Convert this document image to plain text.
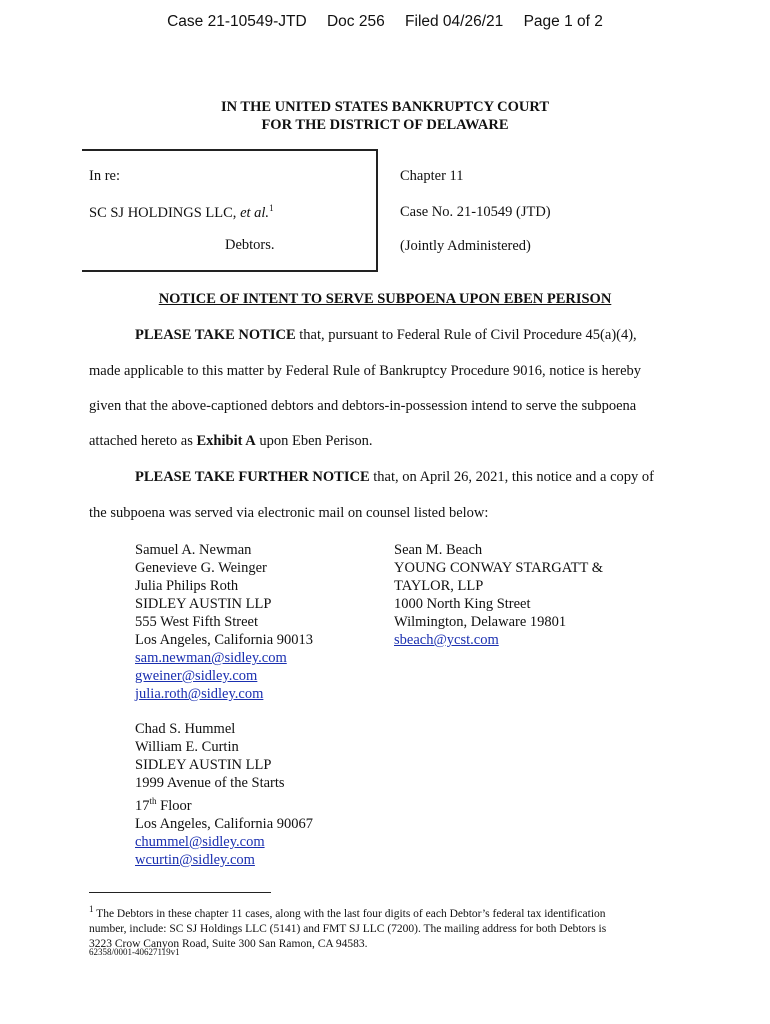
Case 21-10549-JTD Doc 256 Filed 04/26/21 Page 1 of 2
IN THE UNITED STATES BANKRUPTCY COURT
FOR THE DISTRICT OF DELAWARE
In re:
SC SJ HOLDINGS LLC, et al.$^1$
Debtors.
Chapter 11
Case No. 21-10549 (JTD)
(Jointly Administered)
NOTICE OF INTENT TO SERVE SUBPOENA UPON EBEN PERISON
PLEASE TAKE NOTICE that, pursuant to Federal Rule of Civil Procedure 45(a)(4),
made applicable to this matter by Federal Rule of Bankruptcy Procedure 9016, notice is hereby
given that the above-captioned debtors and debtors-in-possession intend to serve the subpoena
attached hereto as Exhibit A upon Eben Perison.
PLEASE TAKE FURTHER NOTICE that, on April 26, 2021, this notice and a copy of
the subpoena was served via electronic mail on counsel listed below:
Samuel A. Newman
Genevieve G. Weinger
Julia Philips Roth
SIDLEY AUSTIN LLP
555 West Fifth Street
Los Angeles, California 90013
sam.newman@sidley.com
gweiner@sidley.com
julia.roth@sidley.com
Sean M. Beach
YOUNG CONWAY STARGATT &
TAYLOR, LLP
1000 North King Street
Wilmington, Delaware 19801
sbeach@ycst.com
Chad S. Hummel
William E. Curtin
SIDLEY AUSTIN LLP
1999 Avenue of the Starts
17th Floor
Los Angeles, California 90067
chummel@sidley.com
wcurtin@sidley.com
$^1$ The Debtors in these chapter 11 cases, along with the last four digits of each Debtor’s federal tax identification
number, include: SC SJ Holdings LLC (5141) and FMT SJ LLC (7200). The mailing address for both Debtors is
3223 Crow Canyon Road, Suite 300 San Ramon, CA 94583.
62358/0001-40627119v1
